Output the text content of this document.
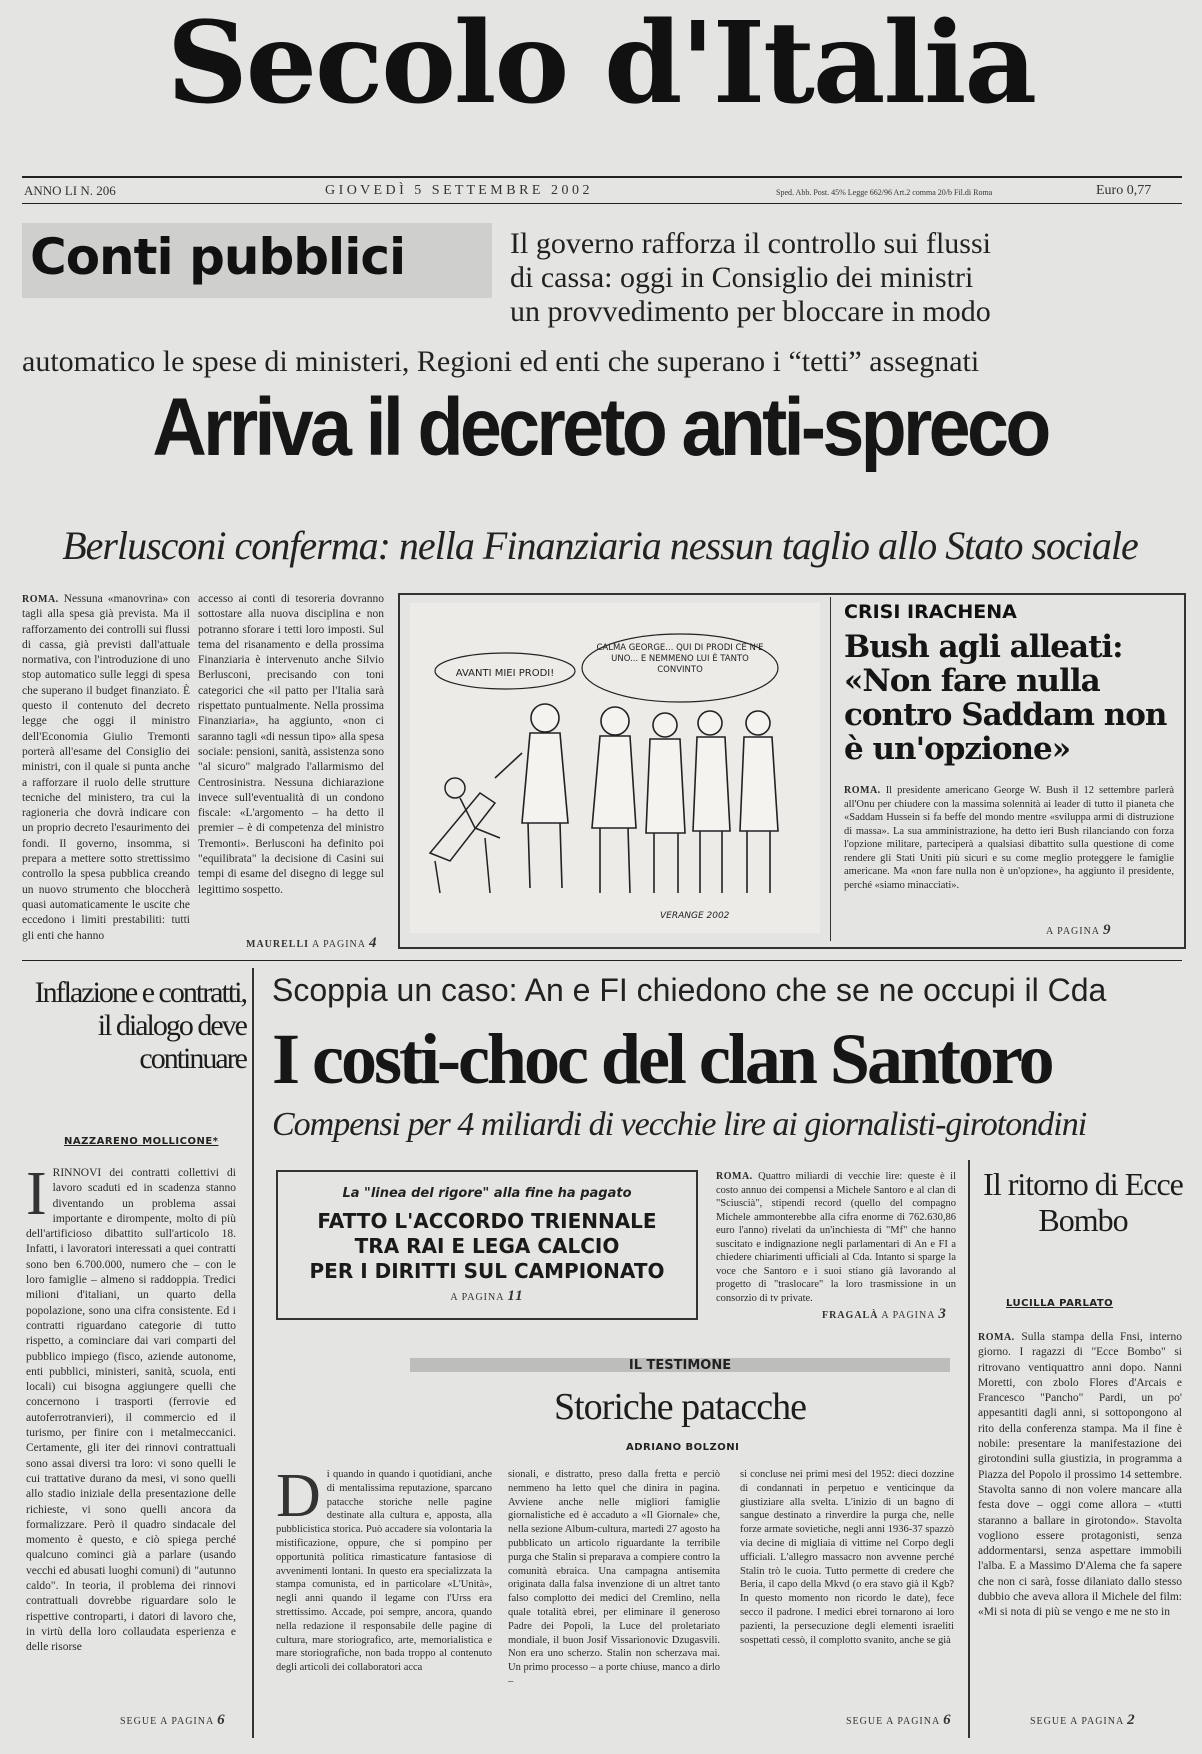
Secolo d'Italia
ANNO LI N. 206	G I O V E D Ì   5   S E T T E M B R E   2 0 0 2	Sped. Abb. Post. 45% Legge 662/96 Art.2 comma 20/b Fil.di Roma	Euro 0,77
Conti pubblici	Il governo rafforza il controllo sui flussi
di cassa: oggi in Consiglio dei ministri
un provvedimento per bloccare in modo
automatico le spese di ministeri, Regioni ed enti che superano i “tetti” assegnati
Arriva il decreto anti-spreco
Berlusconi conferma: nella Finanziaria nessun taglio allo Stato sociale
ROMA. Nessuna «manovrina» con tagli alla spesa già prevista. Ma il rafforzamento dei controlli sui flussi di cassa, già previsti dall'attuale normativa, con l'introduzione di uno stop automatico sulle leggi di spesa che superano il budget finanziato. È questo il contenuto del decreto legge che oggi il ministro dell'Economia Giulio Tremonti porterà all'esame del Consiglio dei ministri, con il quale si punta anche a rafforzare il ruolo delle strutture tecniche del ministero, tra cui la ragioneria che dovrà indicare con un proprio decreto l'esaurimento dei fondi. Il governo, insomma, si prepara a mettere sotto strettissimo controllo la spesa pubblica creando un nuovo strumento che bloccherà quasi automaticamente le uscite che eccedono i limiti prestabiliti: tutti gli enti che hanno
accesso ai conti di tesoreria dovranno sottostare alla nuova disciplina e non potranno sforare i tetti loro imposti. Sul tema del risanamento e della prossima Finanziaria è intervenuto anche Silvio Berlusconi, precisando con toni categorici che «il patto per l'Italia sarà rispettato puntualmente. Nella prossima Finanziaria», ha aggiunto, «non ci saranno tagli «di nessun tipo» alla spesa sociale: pensioni, sanità, assistenza sono "al sicuro" malgrado l'allarmismo del Centrosinistra. Nessuna dichiarazione invece sull'eventualità di un condono fiscale: «L'argomento – ha detto il premier – è di competenza del ministro Tremonti». Berlusconi ha definito poi "equilibrata" la decisione di Casini sui tempi di esame del disegno di legge sul legittimo sospetto.
MAURELLI A PAGINA 4
AVANTI MIEI PRODI!
CALMA GEORGE... QUI DI PRODI CE N'È UNO... E NEMMENO LUI È TANTO CONVINTO
VERANGE 2002
CRISI IRACHENA
Bush agli alleati: «Non fare nulla contro Saddam non è un'opzione»
ROMA. Il presidente americano George W. Bush il 12 settembre parlerà all'Onu per chiudere con la massima solennità ai leader di tutto il pianeta che «Saddam Hussein si fa beffe del mondo mentre «sviluppa armi di distruzione di massa». La sua amministrazione, ha detto ieri Bush rilanciando con forza l'opzione militare, parteciperà a qualsiasi dibattito sulla questione di come rendere gli Stati Uniti più sicuri e su come meglio proteggere le famiglie americane. Ma «non fare nulla non è un'opzione», ha aggiunto il presidente, perché «siamo minacciati».
A PAGINA 9
Inflazione e contratti, il dialogo deve continuare
NAZZARENO MOLLICONE*
I RINNOVI dei contratti collettivi di lavoro scaduti ed in scadenza stanno diventando un problema assai importante e dirompente, molto di più dell'artificioso dibattito sull'articolo 18. Infatti, i lavoratori interessati a quei contratti sono ben 6.700.000, numero che – con le loro famiglie – almeno si raddoppia. Tredici milioni d'italiani, un quarto della popolazione, sono una cifra consistente. Ed i contratti riguardano categorie di tutto rispetto, a cominciare dai vari comparti del pubblico impiego (fisco, aziende autonome, enti pubblici, ministeri, sanità, scuola, enti locali) cui bisogna aggiungere quelli che concernono i trasporti (ferrovie ed autoferrotranvieri), il commercio ed il turismo, per finire con i metalmeccanici. Certamente, gli iter dei rinnovi contrattuali sono assai diversi tra loro: vi sono quelli le cui trattative durano da mesi, vi sono quelli allo stadio iniziale della presentazione delle richieste, vi sono quelli ancora da formalizzare. Però il quadro sindacale del momento è questo, e ciò spiega perché qualcuno cominci già a parlare (usando vecchi ed abusati luoghi comuni) di "autunno caldo". In teoria, il problema dei rinnovi contrattuali dovrebbe riguardare solo le rispettive controparti, i datori di lavoro che, in virtù della loro collaudata esperienza e delle risorse
SEGUE A PAGINA 6
Scoppia un caso: An e FI chiedono che se ne occupi il Cda
I costi-choc del clan Santoro
Compensi per 4 miliardi di vecchie lire ai giornalisti-girotondini
La "linea del rigore" alla fine ha pagato
FATTO L'ACCORDO TRIENNALE
TRA RAI E LEGA CALCIO
PER I DIRITTI SUL CAMPIONATO
A PAGINA 11
ROMA. Quattro miliardi di vecchie lire: queste è il costo annuo dei compensi a Michele Santoro e al clan di "Sciuscià", stipendi record (quello del compagno Michele ammonterebbe alla cifra enorme di 762.630,86 euro l'anno) rivelati da un'inchiesta di "Mf" che hanno suscitato e indignazione negli parlamentari di An e FI a chiedere chiarimenti ufficiali al Cda. Intanto si sparge la voce che Santoro e i suoi stiano già lavorando al progetto di "traslocare" la loro trasmissione in un consorzio di tv private.
FRAGALÀ A PAGINA 3
Il ritorno di Ecce Bombo
LUCILLA PARLATO
ROMA. Sulla stampa della Fnsi, interno giorno. I ragazzi di "Ecce Bombo" si ritrovano ventiquattro anni dopo. Nanni Moretti, con zbolo Flores d'Arcais e Francesco "Pancho" Pardi, un po' appesantiti dagli anni, si sottopongono al rito della conferenza stampa. Ma il fine è nobile: presentare la manifestazione dei girotondini sulla giustizia, in programma a Piazza del Popolo il prossimo 14 settembre. Stavolta sanno di non volere mancare alla festa dove – oggi come allora – «tutti staranno a ballare in girotondo». Stavolta vogliono essere protagonisti, senza addormentarsi, senza aspettare immobili l'alba. E a Massimo D'Alema che fa sapere che non ci sarà, fosse dilaniato dallo stesso dubbio che aveva allora il Michele del film: «Mi si nota di più se vengo e me ne sto in
SEGUE A PAGINA 2
IL TESTIMONE
Storiche patacche
ADRIANO BOLZONI
D i quando in quando i quotidiani, anche di mentalissima reputazione, sparcano patacche storiche nelle pagine destinate alla cultura e, apposta, alla pubblicistica storica. Può accadere sia volontaria la mistificazione, oppure, che si pompino per opportunità politica rimasticature fantasiose di avvenimenti lontani. In questo era specializzata la stampa comunista, ed in particolare «L'Unità», negli anni quando il legame con l'Urss era strettissimo. Accade, poi sempre, ancora, quando nella redazione il responsabile delle pagine di cultura, mare storiografico, arte, memorialistica e mare storiografiche, non bada troppo al contenuto degli articoli dei collaboratori acca
sionali, e distratto, preso dalla fretta e perciò nemmeno ha letto quel che dinira in pagina. Avviene anche nelle migliori famiglie giornalistiche ed è accaduto a «Il Giornale» che, nella sezione Album-cultura, martedì 27 agosto ha pubblicato un articolo riguardante la terribile purga che Stalin si preparava a compiere contro la comunità ebraica. Una campagna antisemita originata dalla falsa invenzione di un altret tanto falso complotto dei medici del Cremlino, nella quale totalità ebrei, per eliminare il generoso Padre dei Popoli, la Luce del proletariato mondiale, il buon Josif Vissarionovic Dzugasvili. Non era uno scherzo. Stalin non scherzava mai. Un primo processo – a porte chiuse, manco a dirlo –
si concluse nei primi mesi del 1952: dieci dozzine di condannati in perpetuo e venticinque da giustiziare alla svelta. L'inizio di un bagno di sangue destinato a rinverdire la purga che, nelle forze armate sovietiche, negli anni 1936-37 spazzò via decine di migliaia di vittime nel Corpo degli ufficiali. L'allegro massacro non avvenne perché Stalin trò le cuoia. Tutto permette di credere che Beria, il capo della Mkvd (o era stavo già il Kgb? In questo momento non ricordo le date), fece secco il padrone. I medici ebrei tornarono ai loro pazienti, la persecuzione degli elementi israeliti sospettati cessò, il complotto svanito, anche se già
SEGUE A PAGINA 6
